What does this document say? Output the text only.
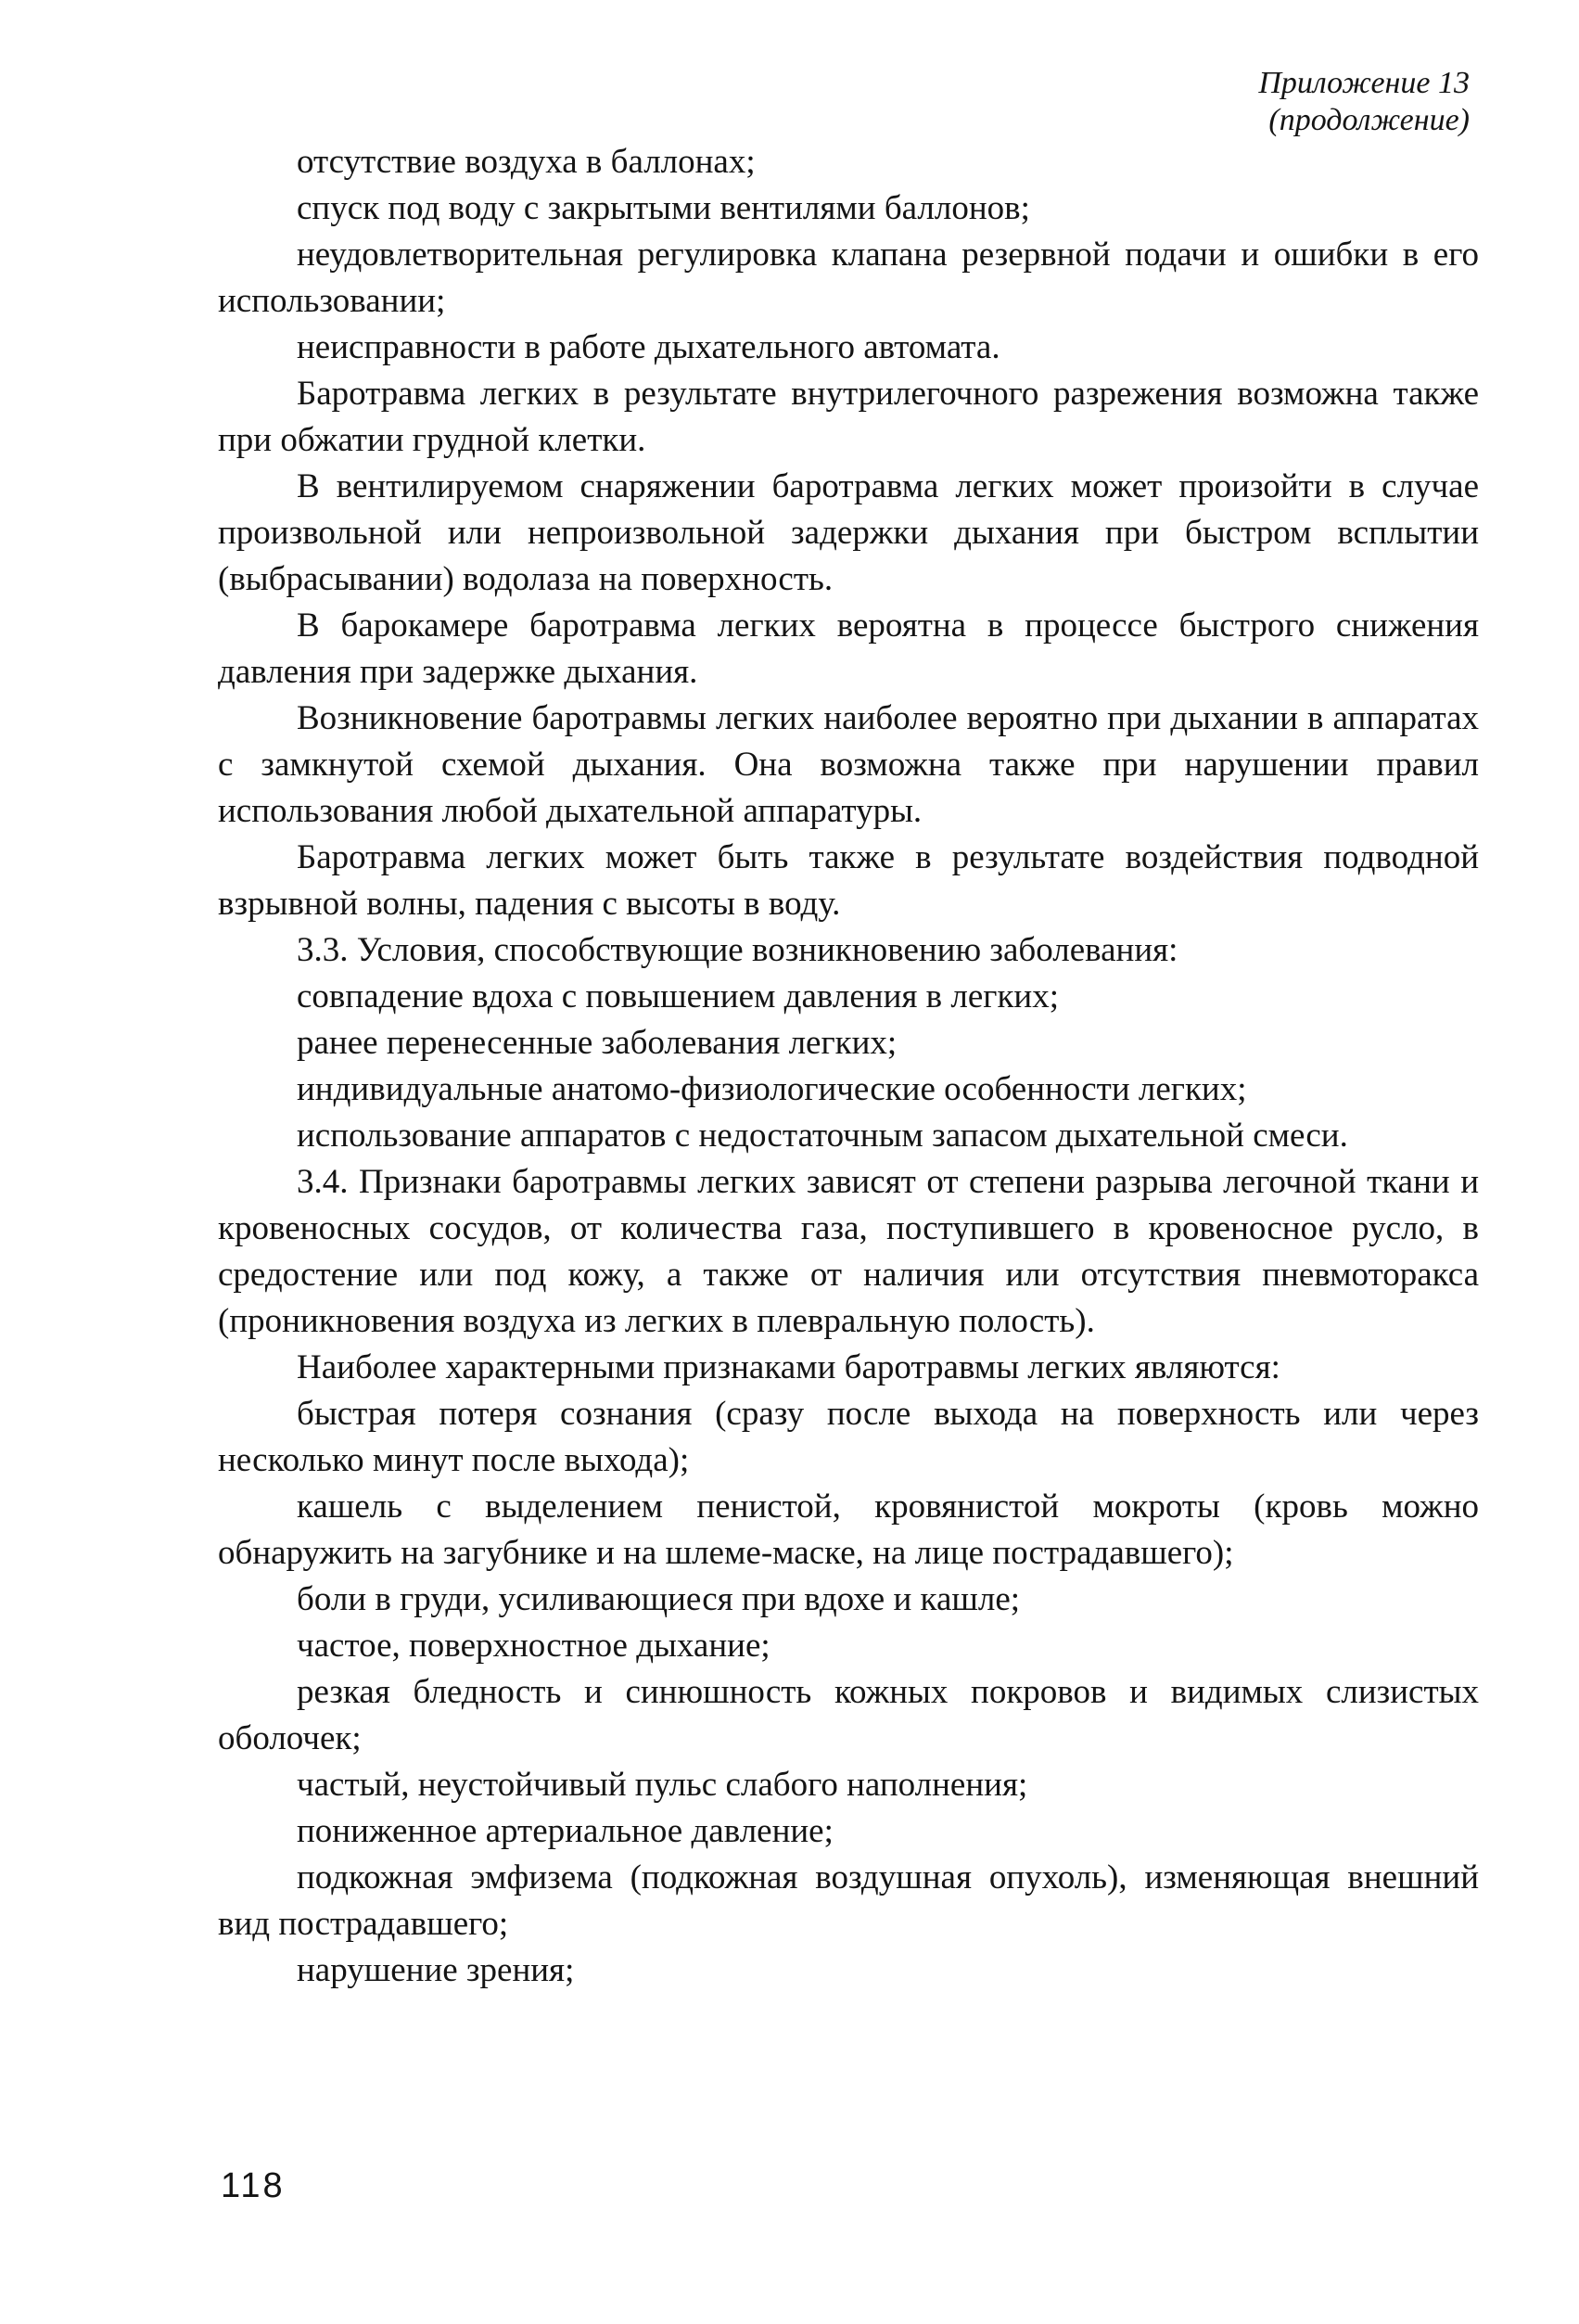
Приложение 13
(продолжение)

отсутствие воздуха в баллонах;

спуск под воду с закрытыми вентилями баллонов;

неудовлетворительная регулировка клапана резервной подачи и ошибки в его использовании;

неисправности в работе дыхательного автомата.

Баротравма легких в результате внутрилегочного разрежения возможна также при обжатии грудной клетки.

В вентилируемом снаряжении баротравма легких может произойти в случае произвольной или непроизвольной задержки дыхания при быстром всплытии (выбрасывании) водолаза на поверхность.

В барокамере баротравма легких вероятна в процессе быстрого снижения давления при задержке дыхания.

Возникновение баротравмы легких наиболее вероятно при дыхании в аппаратах с замкнутой схемой дыхания. Она возможна также при нарушении правил использования любой дыхательной аппаратуры.

Баротравма легких может быть также в результате воздействия подводной взрывной волны, падения с высоты в воду.

3.3. Условия, способствующие возникновению заболевания:

совпадение вдоха с повышением давления в легких;

ранее перенесенные заболевания легких;

индивидуальные анатомо-физиологические особенности легких;

использование аппаратов с недостаточным запасом дыхательной смеси.

3.4. Признаки баротравмы легких зависят от степени разрыва легочной ткани и кровеносных сосудов, от количества газа, поступившего в кровеносное русло, в средостение или под кожу, а также от наличия или отсутствия пневмоторакса (проникновения воздуха из легких в плевральную полость).

Наиболее характерными признаками баротравмы легких являются:

быстрая потеря сознания (сразу после выхода на поверхность или через несколько минут после выхода);

кашель с выделением пенистой, кровянистой мокроты (кровь можно обнаружить на загубнике и на шлеме-маске, на лице пострадавшего);

боли в груди, усиливающиеся при вдохе и кашле;

частое, поверхностное дыхание;

резкая бледность и синюшность кожных покровов и видимых слизистых оболочек;

частый, неустойчивый пульс слабого наполнения;

пониженное артериальное давление;

подкожная эмфизема (подкожная воздушная опухоль), изменяющая внешний вид пострадавшего;

нарушение зрения;

118
